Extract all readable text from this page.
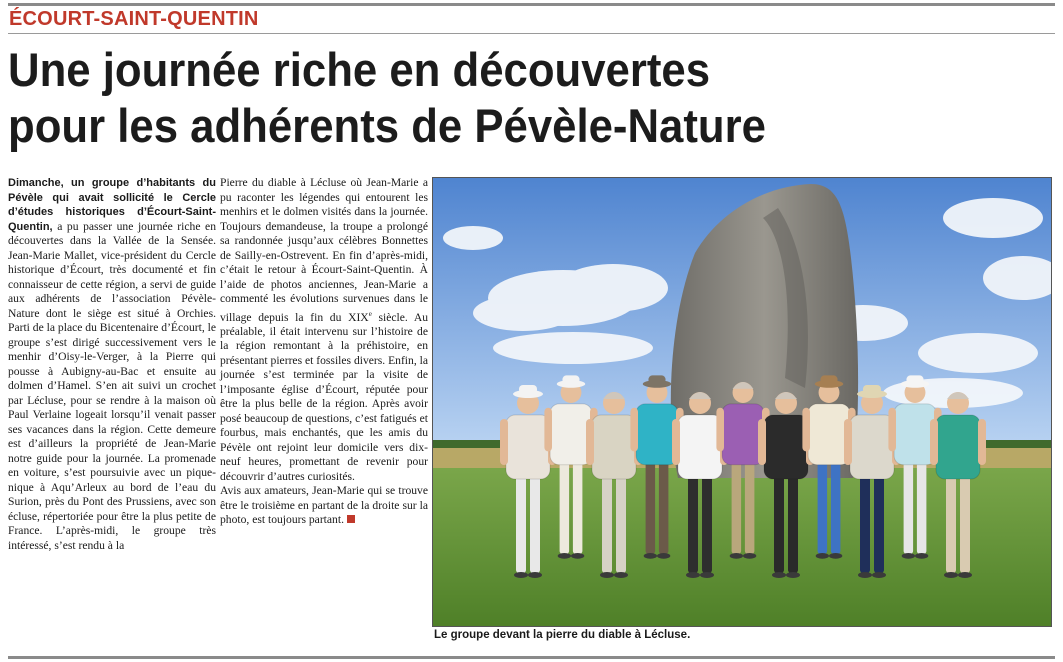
ÉCOURT-SAINT-QUENTIN
Une journée riche en découvertes
pour les adhérents de Pévèle-Nature

Dimanche, un groupe d’habitants du Pévèle qui avait sollicité le Cercle d’études historiques d’Écourt-Saint-Quentin, a pu passer une journée riche en découvertes dans la Vallée de la Sensée. Jean-Marie Mallet, vice-président du Cercle historique d’Écourt, très documenté et fin connaisseur de cette région, a servi de guide aux adhérents de l’association Pévèle-Nature dont le siège est situé à Orchies. Parti de la place du Bicentenaire d’Écourt, le groupe s’est dirigé successivement vers le menhir d’Oisy-le-Verger, à la Pierre qui pousse à Aubigny-au-Bac et ensuite au dolmen d’Hamel. S’en ait suivi un crochet par Lécluse, pour se rendre à la maison où Paul Verlaine logeait lorsqu’il venait passer ses vacances dans la région. Cette demeure est d’ailleurs la propriété de Jean-Marie notre guide pour la journée. La promenade en voiture, s’est poursuivie avec un pique-nique à Aqu’Arleux au bord de l’eau du Surion, près du Pont des Prussiens, avec son écluse, répertoriée pour être la plus petite de France. L’après-midi, le groupe très intéressé, s’est rendu à la

Pierre du diable à Lécluse où Jean-Marie a pu raconter les légendes qui entourent les menhirs et le dolmen visités dans la journée. Toujours demandeuse, la troupe a prolongé sa randonnée jusqu’aux célèbres Bonnettes de Sailly-en-Ostrevent. En fin d’après-midi, c’était le retour à Écourt-Saint-Quentin. À l’aide de photos anciennes, Jean-Marie a commenté les évolutions survenues dans le village depuis la fin du XIXe siècle. Au préalable, il était intervenu sur l’histoire de la région remontant à la préhistoire, en présentant pierres et fossiles divers. Enfin, la journée s’est terminée par la visite de l’imposante église d’Écourt, réputée pour être la plus belle de la région. Après avoir posé beaucoup de questions, c’est fatigués et fourbus, mais enchantés, que les amis du Pévèle ont rejoint leur domicile vers dix-neuf heures, promettant de revenir pour découvrir d’autres curiosités.

Avis aux amateurs, Jean-Marie qui se trouve être le troisième en partant de la droite sur la photo, est toujours partant.

Le groupe devant la pierre du diable à Lécluse.
